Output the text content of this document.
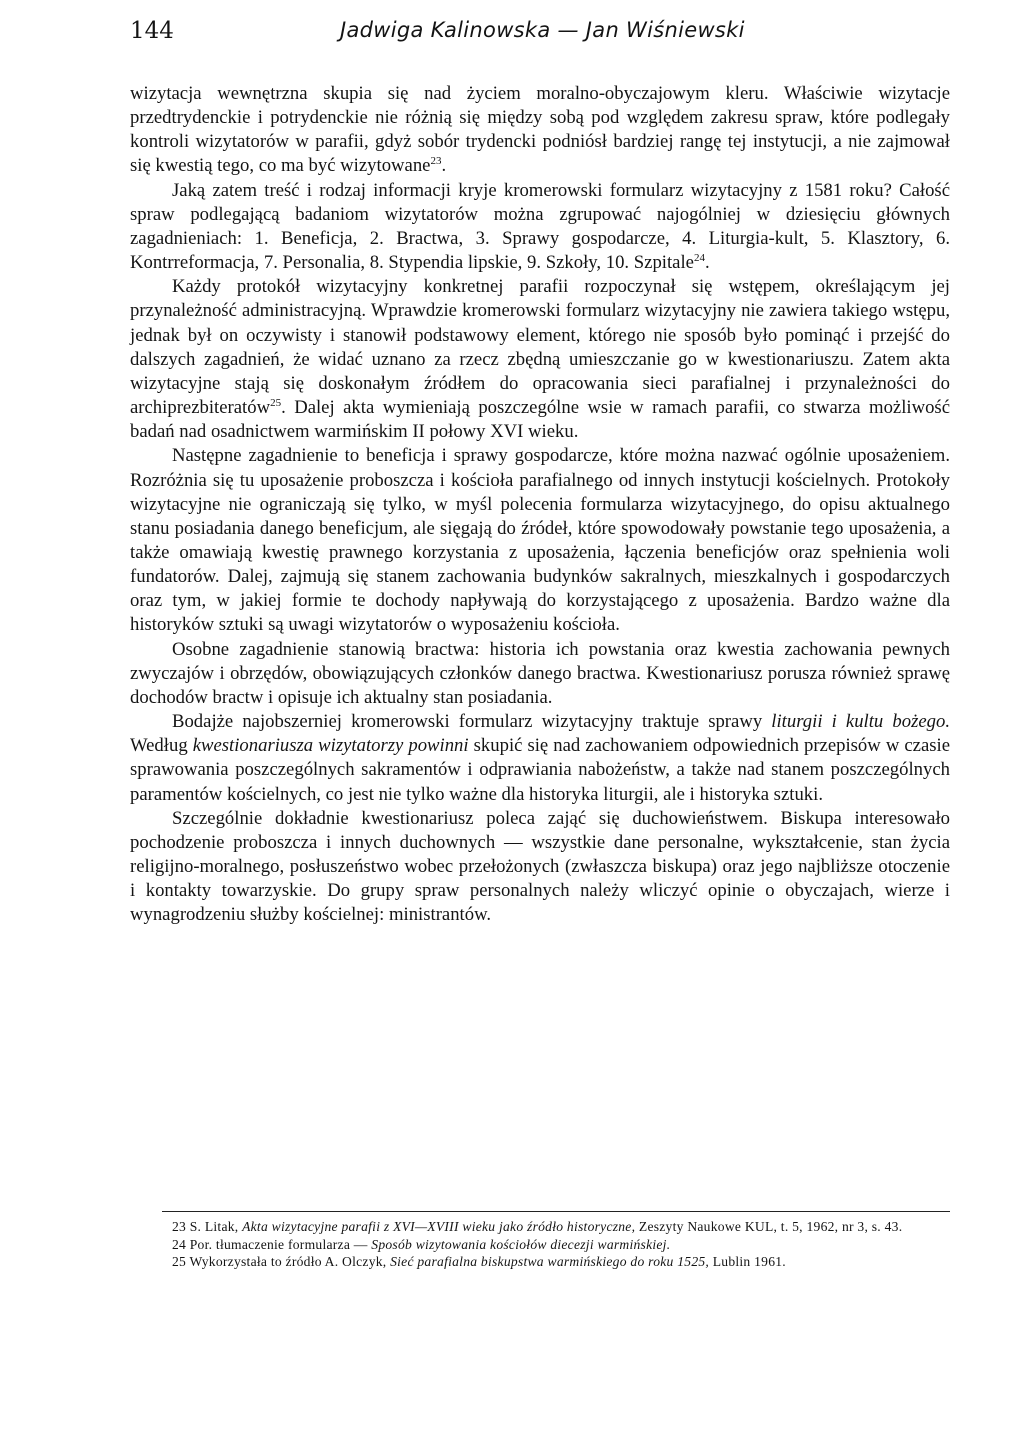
144	Jadwiga Kalinowska — Jan Wiśniewski

wizytacja wewnętrzna skupia się nad życiem moralno-obyczajowym kleru. Właściwie wizytacje przedtrydenckie i potrydenckie nie różnią się między sobą pod względem zakresu spraw, które podlegały kontroli wizytatorów w parafii, gdyż sobór trydencki podniósł bardziej rangę tej instytucji, a nie zajmował się kwestią tego, co ma być wizytowane$^{23}$.

Jaką zatem treść i rodzaj informacji kryje kromerowski formularz wizytacyjny z 1581 roku? Całość spraw podlegającą badaniom wizytatorów można zgrupować najogólniej w dziesięciu głównych zagadnieniach: 1. Beneficja, 2. Bractwa, 3. Sprawy gospodarcze, 4. Liturgia-kult, 5. Klasztory, 6. Kontrreformacja, 7. Personalia, 8. Stypendia lipskie, 9. Szkoły, 10. Szpitale$^{24}$.

Każdy protokół wizytacyjny konkretnej parafii rozpoczynał się wstępem, określającym jej przynależność administracyjną. Wprawdzie kromerowski formularz wizytacyjny nie zawiera takiego wstępu, jednak był on oczywisty i stanowił podstawowy element, którego nie sposób było pominąć i przejść do dalszych zagadnień, że widać uznano za rzecz zbędną umieszczanie go w kwestionariuszu. Zatem akta wizytacyjne stają się doskonałym źródłem do opracowania sieci parafialnej i przynależności do archiprezbiteratów$^{25}$. Dalej akta wymieniają poszczególne wsie w ramach parafii, co stwarza możliwość badań nad osadnictwem warmińskim II połowy XVI wieku.

Następne zagadnienie to beneficja i sprawy gospodarcze, które można nazwać ogólnie uposażeniem. Rozróżnia się tu uposażenie proboszcza i kościoła parafialnego od innych instytucji kościelnych. Protokoły wizytacyjne nie ograniczają się tylko, w myśl polecenia formularza wizytacyjnego, do opisu aktualnego stanu posiadania danego beneficjum, ale sięgają do źródeł, które spowodowały powstanie tego uposażenia, a także omawiają kwestię prawnego korzystania z uposażenia, łączenia beneficjów oraz spełnienia woli fundatorów. Dalej, zajmują się stanem zachowania budynków sakralnych, mieszkalnych i gospodarczych oraz tym, w jakiej formie te dochody napływają do korzystającego z uposażenia. Bardzo ważne dla historyków sztuki są uwagi wizytatorów o wyposażeniu kościoła.

Osobne zagadnienie stanowią bractwa: historia ich powstania oraz kwestia zachowania pewnych zwyczajów i obrzędów, obowiązujących członków danego bractwa. Kwestionariusz porusza również sprawę dochodów bractw i opisuje ich aktualny stan posiadania.

Bodajże najobszerniej kromerowski formularz wizytacyjny traktuje sprawy liturgii i kultu bożego. Według kwestionariusza wizytatorzy powinni skupić się nad zachowaniem odpowiednich przepisów w czasie sprawowania poszczególnych sakramentów i odprawiania nabożeństw, a także nad stanem poszczególnych paramentów kościelnych, co jest nie tylko ważne dla historyka liturgii, ale i historyka sztuki.

Szczególnie dokładnie kwestionariusz poleca zająć się duchowieństwem. Biskupa interesowało pochodzenie proboszcza i innych duchownych — wszystkie dane personalne, wykształcenie, stan życia religijno-moralnego, posłuszeństwo wobec przełożonych (zwłaszcza biskupa) oraz jego najbliższe otoczenie i kontakty towarzyskie. Do grupy spraw personalnych należy wliczyć opinie o obyczajach, wierze i wynagrodzeniu służby kościelnej: ministrantów.

23 S. Litak, Akta wizytacyjne parafii z XVI—XVIII wieku jako źródło historyczne, Zeszyty Naukowe KUL, t. 5, 1962, nr 3, s. 43.

24 Por. tłumaczenie formularza — Sposób wizytowania kościołów diecezji warmińskiej.

25 Wykorzystała to źródło A. Olczyk, Sieć parafialna biskupstwa warmińskiego do roku 1525, Lublin 1961.
